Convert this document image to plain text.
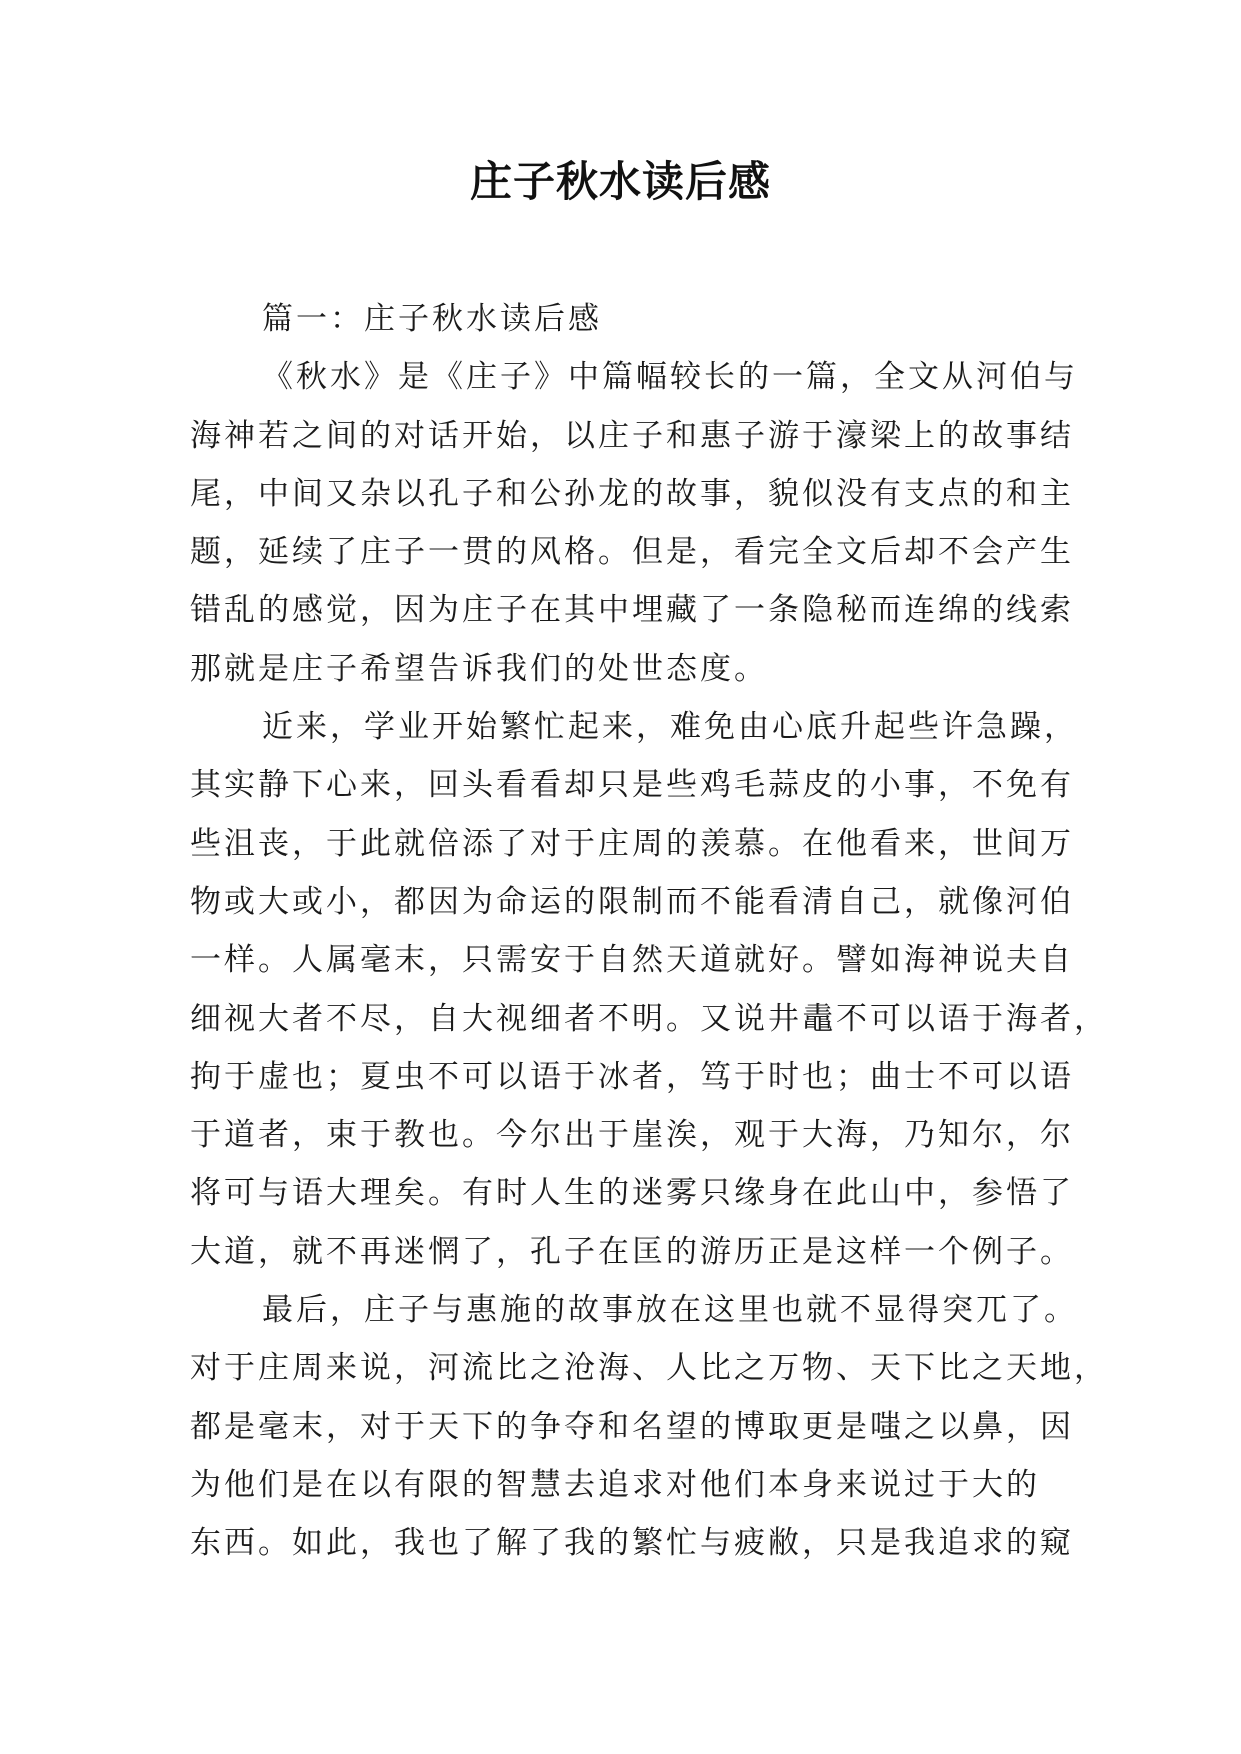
庄子秋水读后感
篇一：庄子秋水读后感
《秋水》是《庄子》中篇幅较长的一篇，全文从河伯与
海神若之间的对话开始，以庄子和惠子游于濠梁上的故事结
尾，中间又杂以孔子和公孙龙的故事，貌似没有支点的和主
题，延续了庄子一贯的风格。但是，看完全文后却不会产生
错乱的感觉，因为庄子在其中埋藏了一条隐秘而连绵的线索
那就是庄子希望告诉我们的处世态度。
近来，学业开始繁忙起来，难免由心底升起些许急躁，
其实静下心来，回头看看却只是些鸡毛蒜皮的小事，不免有
些沮丧，于此就倍添了对于庄周的羡慕。在他看来，世间万
物或大或小，都因为命运的限制而不能看清自己，就像河伯
一样。人属毫末，只需安于自然天道就好。譬如海神说夫自
细视大者不尽，自大视细者不明。又说井鼃不可以语于海者，
拘于虚也；夏虫不可以语于冰者，笃于时也；曲士不可以语
于道者，束于教也。今尔出于崖涘，观于大海，乃知尔，尔
将可与语大理矣。有时人生的迷雾只缘身在此山中，参悟了
大道，就不再迷惘了，孔子在匡的游历正是这样一个例子。
最后，庄子与惠施的故事放在这里也就不显得突兀了。
对于庄周来说，河流比之沧海、人比之万物、天下比之天地，
都是毫末，对于天下的争夺和名望的博取更是嗤之以鼻，因
为他们是在以有限的智慧去追求对他们本身来说过于大的
东西。如此，我也了解了我的繁忙与疲敝，只是我追求的窥
